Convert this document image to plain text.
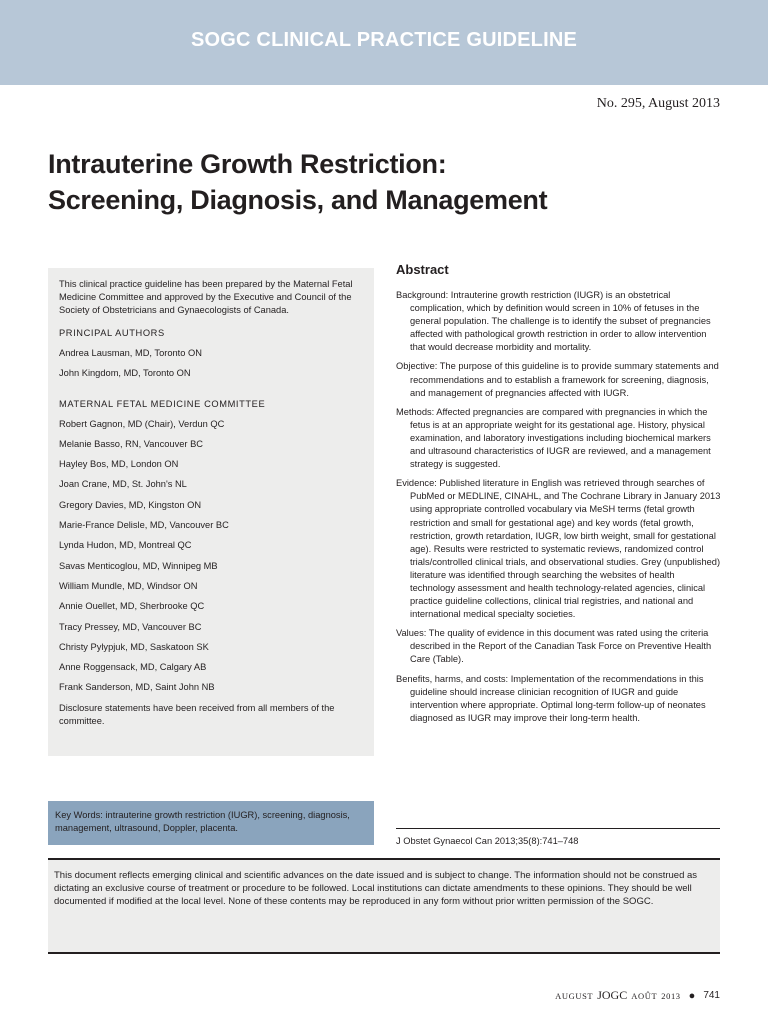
SOGC CLINICAL PRACTICE GUIDELINE
No. 295, August 2013
Intrauterine Growth Restriction:
Screening, Diagnosis, and Management

This clinical practice guideline has been prepared by the Maternal Fetal Medicine Committee and approved by the Executive and Council of the Society of Obstetricians and Gynaecologists of Canada.

PRINCIPAL AUTHORS

Andrea Lausman, MD, Toronto ON
John Kingdom, MD, Toronto ON

MATERNAL FETAL MEDICINE COMMITTEE

Robert Gagnon, MD (Chair), Verdun QC
Melanie Basso, RN, Vancouver BC
Hayley Bos, MD, London ON
Joan Crane, MD, St. John's NL
Gregory Davies, MD, Kingston ON
Marie-France Delisle, MD, Vancouver BC
Lynda Hudon, MD, Montreal QC
Savas Menticoglou, MD, Winnipeg MB
William Mundle, MD, Windsor ON
Annie Ouellet, MD, Sherbrooke QC
Tracy Pressey, MD, Vancouver BC
Christy Pylypjuk, MD, Saskatoon SK
Anne Roggensack, MD, Calgary AB
Frank Sanderson, MD, Saint John NB

Disclosure statements have been received from all members of the committee.

Key Words: intrauterine growth restriction (IUGR), screening, diagnosis, management, ultrasound, Doppler, placenta.
Abstract

Background: Intrauterine growth restriction (IUGR) is an obstetrical complication, which by definition would screen in 10% of fetuses in the general population. The challenge is to identify the subset of pregnancies affected with pathological growth restriction in order to allow intervention that would decrease morbidity and mortality.

Objective: The purpose of this guideline is to provide summary statements and recommendations and to establish a framework for screening, diagnosis, and management of pregnancies affected with IUGR.

Methods: Affected pregnancies are compared with pregnancies in which the fetus is at an appropriate weight for its gestational age. History, physical examination, and laboratory investigations including biochemical markers and ultrasound characteristics of IUGR are reviewed, and a management strategy is suggested.

Evidence: Published literature in English was retrieved through searches of PubMed or MEDLINE, CINAHL, and The Cochrane Library in January 2013 using appropriate controlled vocabulary via MeSH terms (fetal growth restriction and small for gestational age) and key words (fetal growth, restriction, growth retardation, IUGR, low birth weight, small for gestational age). Results were restricted to systematic reviews, randomized control trials/controlled clinical trials, and observational studies. Grey (unpublished) literature was identified through searching the websites of health technology assessment and health technology-related agencies, clinical practice guideline collections, clinical trial registries, and national and international medical specialty societies.

Values: The quality of evidence in this document was rated using the criteria described in the Report of the Canadian Task Force on Preventive Health Care (Table).

Benefits, harms, and costs: Implementation of the recommendations in this guideline should increase clinician recognition of IUGR and guide intervention where appropriate. Optimal long-term follow-up of neonates diagnosed as IUGR may improve their long-term health.

J Obstet Gynaecol Can 2013;35(8):741–748
This document reflects emerging clinical and scientific advances on the date issued and is subject to change. The information should not be construed as dictating an exclusive course of treatment or procedure to be followed. Local institutions can dictate amendments to these opinions. They should be well documented if modified at the local level. None of these contents may be reproduced in any form without prior written permission of the SOGC.
AUGUST JOGC AOÛT 2013 ● 741
